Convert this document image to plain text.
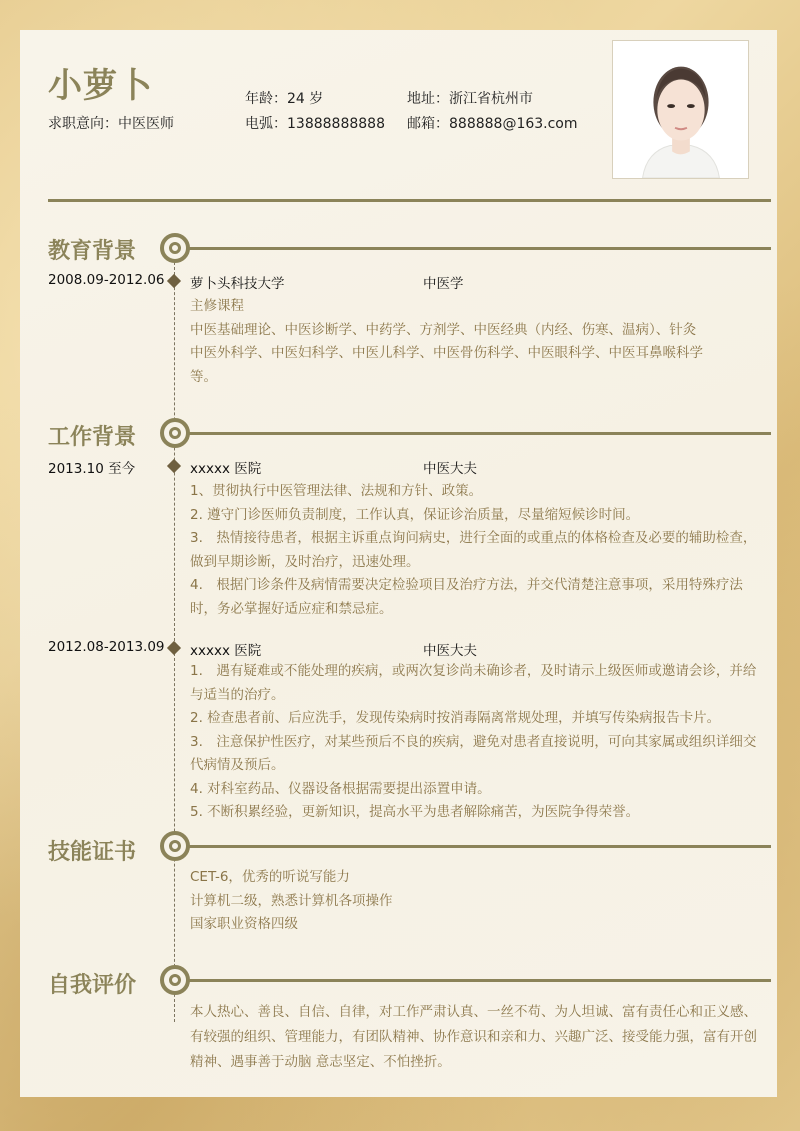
小萝卜
求职意向：中医医师
年龄：24 岁
电弧：13888888888
地址：浙江省杭州市
邮箱：888888@163.com
教育背景
2008.09-2012.06 萝卜头科技大学	中医学

主修课程

中医基础理论、中医诊断学、中药学、方剂学、中医经典（内经、伤寒、温病）、针灸

中医外科学、中医妇科学、中医儿科学、中医骨伤科学、中医眼科学、中医耳鼻喉科学

等。

工作背景
2013.10 至今	xxxxx 医院	中医大夫

1、贯彻执行中医管理法律、法规和方针、政策。

2. 遵守门诊医师负责制度，工作认真，保证诊治质量，尽量缩短候诊时间。

3.　热情接待患者，根据主诉重点询问病史，进行全面的或重点的体格检查及必要的辅助检查，做到早期诊断，及时治疗，迅速处理。

4.　根据门诊条件及病情需要决定检验项目及治疗方法，并交代清楚注意事项，采用特殊疗法时，务必掌握好适应症和禁忌症。

2012.08-2013.09 xxxxx 医院	中医大夫

1.　遇有疑难或不能处理的疾病，或两次复诊尚未确诊者，及时请示上级医师或邀请会诊，并给与适当的治疗。

2. 检查患者前、后应洗手，发现传染病时按消毒隔离常规处理，并填写传染病报告卡片。

3.　注意保护性医疗，对某些预后不良的疾病，避免对患者直接说明，可向其家属或组织详细交代病情及预后。

4. 对科室药品、仪器设备根据需要提出添置申请。

5. 不断积累经验，更新知识，提高水平为患者解除痛苦，为医院争得荣誉。

技能证书

CET-6，优秀的听说写能力

计算机二级，熟悉计算机各项操作

国家职业资格四级

自我评价
本人热心、善良、自信、自律，对工作严肃认真、一丝不苟、为人坦诚、富有责任心和正义感、有较强的组织、管理能力，有团队精神、协作意识和亲和力、兴趣广泛、接受能力强，富有开创精神、遇事善于动脑 意志坚定、不怕挫折。
